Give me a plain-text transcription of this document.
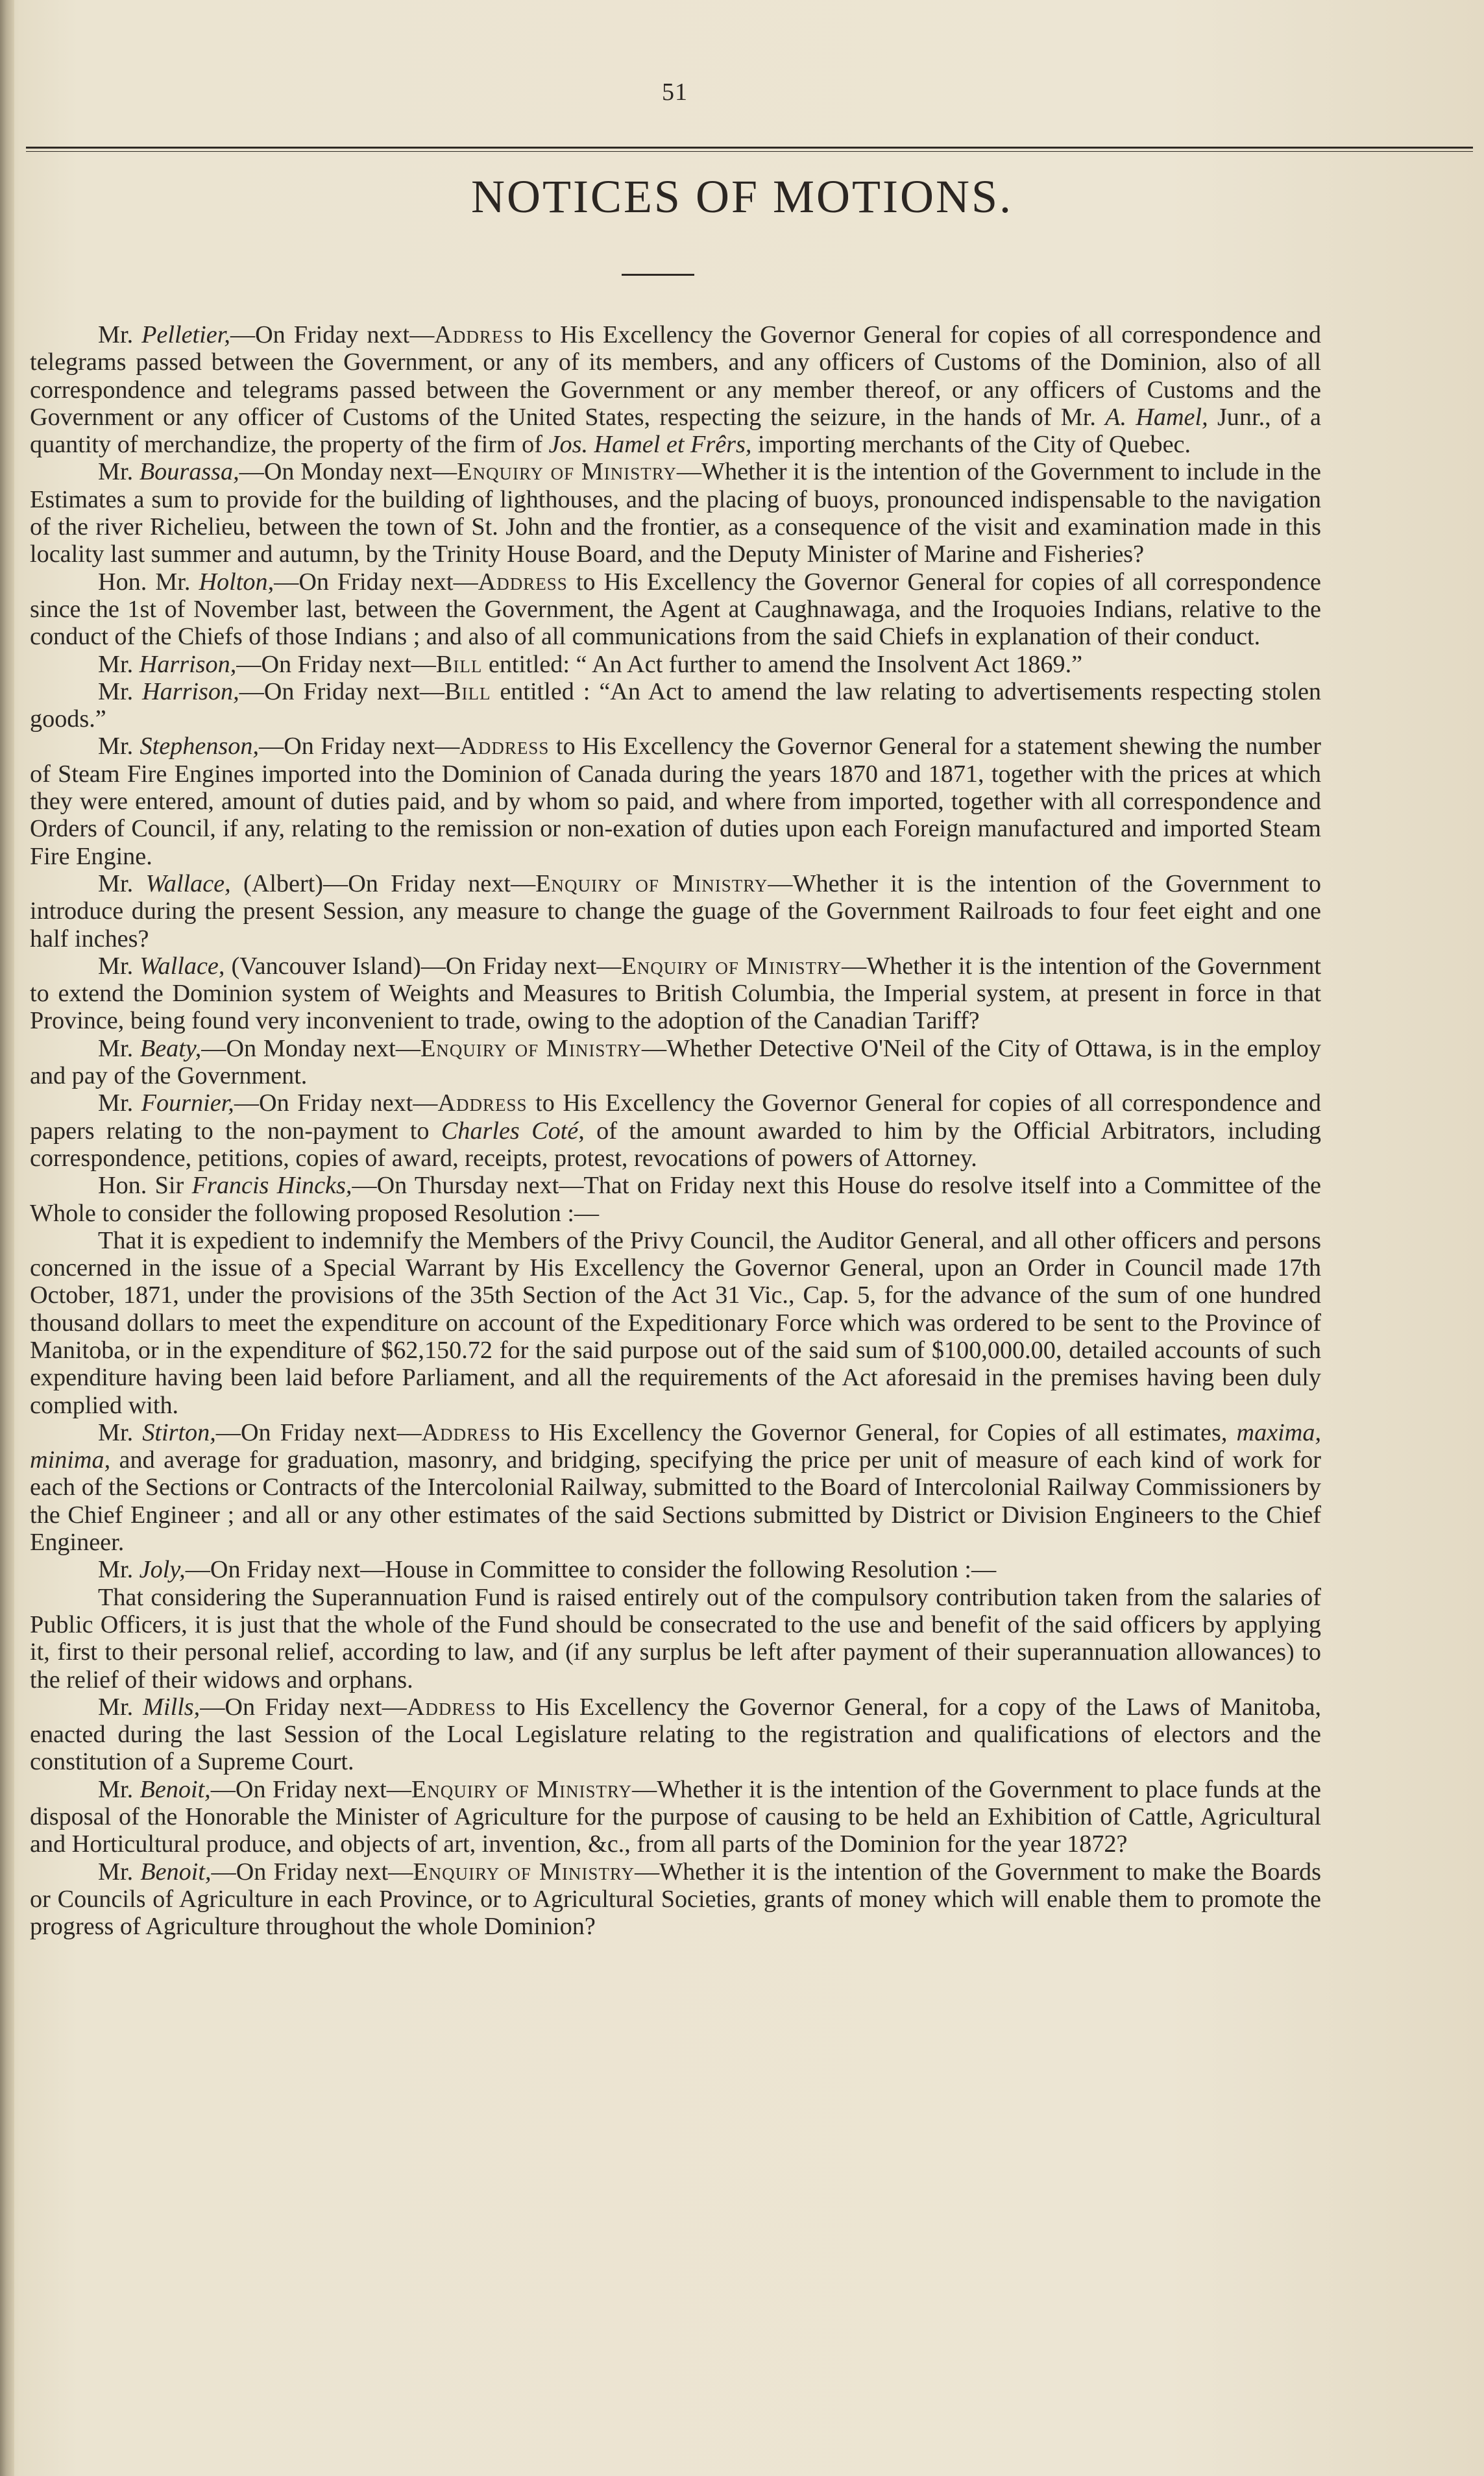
51
NOTICES OF MOTIONS.

Mr. Pelletier,—On Friday next—Address to His Excellency the Governor General for copies of all correspondence and telegrams passed between the Government, or any of its members, and any officers of Customs of the Dominion, also of all correspondence and telegrams passed between the Government or any member thereof, or any officers of Customs and the Government or any officer of Customs of the United States, respecting the seizure, in the hands of Mr. A. Hamel, Junr., of a quantity of merchandize, the property of the firm of Jos. Hamel et Frêrs, importing merchants of the City of Quebec.

Mr. Bourassa,—On Monday next—Enquiry of Ministry—Whether it is the intention of the Government to include in the Estimates a sum to provide for the building of lighthouses, and the placing of buoys, pronounced indispensable to the navigation of the river Richelieu, between the town of St. John and the frontier, as a consequence of the visit and examination made in this locality last summer and autumn, by the Trinity House Board, and the Deputy Minister of Marine and Fisheries?

Hon. Mr. Holton,—On Friday next—Address to His Excellency the Governor General for copies of all correspondence since the 1st of November last, between the Government, the Agent at Caughnawaga, and the Iroquoies Indians, relative to the conduct of the Chiefs of those Indians ; and also of all communications from the said Chiefs in explanation of their conduct.

Mr. Harrison,—On Friday next—Bill entitled: “ An Act further to amend the Insolvent Act 1869.”

Mr. Harrison,—On Friday next—Bill entitled : “An Act to amend the law relating to advertisements respecting stolen goods.”

Mr. Stephenson,—On Friday next—Address to His Excellency the Governor General for a statement shewing the number of Steam Fire Engines imported into the Dominion of Canada during the years 1870 and 1871, together with the prices at which they were entered, amount of duties paid, and by whom so paid, and where from imported, together with all correspondence and Orders of Council, if any, relating to the remission or non-exation of duties upon each Foreign manufactured and imported Steam Fire Engine.

Mr. Wallace, (Albert)—On Friday next—Enquiry of Ministry—Whether it is the intention of the Government to introduce during the present Session, any measure to change the guage of the Government Railroads to four feet eight and one half inches?

Mr. Wallace, (Vancouver Island)—On Friday next—Enquiry of Ministry—Whether it is the intention of the Government to extend the Dominion system of Weights and Measures to British Columbia, the Imperial system, at present in force in that Province, being found very inconvenient to trade, owing to the adoption of the Canadian Tariff?

Mr. Beaty,—On Monday next—Enquiry of Ministry—Whether Detective O'Neil of the City of Ottawa, is in the employ and pay of the Government.

Mr. Fournier,—On Friday next—Address to His Excellency the Governor General for copies of all correspondence and papers relating to the non-payment to Charles Coté, of the amount awarded to him by the Official Arbitrators, including correspondence, petitions, copies of award, receipts, protest, revocations of powers of Attorney.

Hon. Sir Francis Hincks,—On Thursday next—That on Friday next this House do resolve itself into a Committee of the Whole to consider the following proposed Resolution :—

That it is expedient to indemnify the Members of the Privy Council, the Auditor General, and all other officers and persons concerned in the issue of a Special Warrant by His Excellency the Governor General, upon an Order in Council made 17th October, 1871, under the provisions of the 35th Section of the Act 31 Vic., Cap. 5, for the advance of the sum of one hundred thousand dollars to meet the expenditure on account of the Expeditionary Force which was ordered to be sent to the Province of Manitoba, or in the expenditure of $62,150.72 for the said purpose out of the said sum of $100,000.00, detailed accounts of such expenditure having been laid before Parliament, and all the requirements of the Act aforesaid in the premises having been duly complied with.

Mr. Stirton,—On Friday next—Address to His Excellency the Governor General, for Copies of all estimates, maxima, minima, and average for graduation, masonry, and bridging, specifying the price per unit of measure of each kind of work for each of the Sections or Contracts of the Intercolonial Railway, submitted to the Board of Intercolonial Railway Commissioners by the Chief Engineer ; and all or any other estimates of the said Sections submitted by District or Division Engineers to the Chief Engineer.

Mr. Joly,—On Friday next—House in Committee to consider the following Resolution :—

That considering the Superannuation Fund is raised entirely out of the compulsory contribution taken from the salaries of Public Officers, it is just that the whole of the Fund should be consecrated to the use and benefit of the said officers by applying it, first to their personal relief, according to law, and (if any surplus be left after payment of their superannuation allowances) to the relief of their widows and orphans.

Mr. Mills,—On Friday next—Address to His Excellency the Governor General, for a copy of the Laws of Manitoba, enacted during the last Session of the Local Legislature relating to the registration and qualifications of electors and the constitution of a Supreme Court.

Mr. Benoit,—On Friday next—Enquiry of Ministry—Whether it is the intention of the Government to place funds at the disposal of the Honorable the Minister of Agriculture for the purpose of causing to be held an Exhibition of Cattle, Agricultural and Horticultural produce, and objects of art, invention, &c., from all parts of the Dominion for the year 1872?

Mr. Benoit,—On Friday next—Enquiry of Ministry—Whether it is the intention of the Government to make the Boards or Councils of Agriculture in each Province, or to Agricultural Societies, grants of money which will enable them to promote the progress of Agriculture throughout the whole Dominion?
